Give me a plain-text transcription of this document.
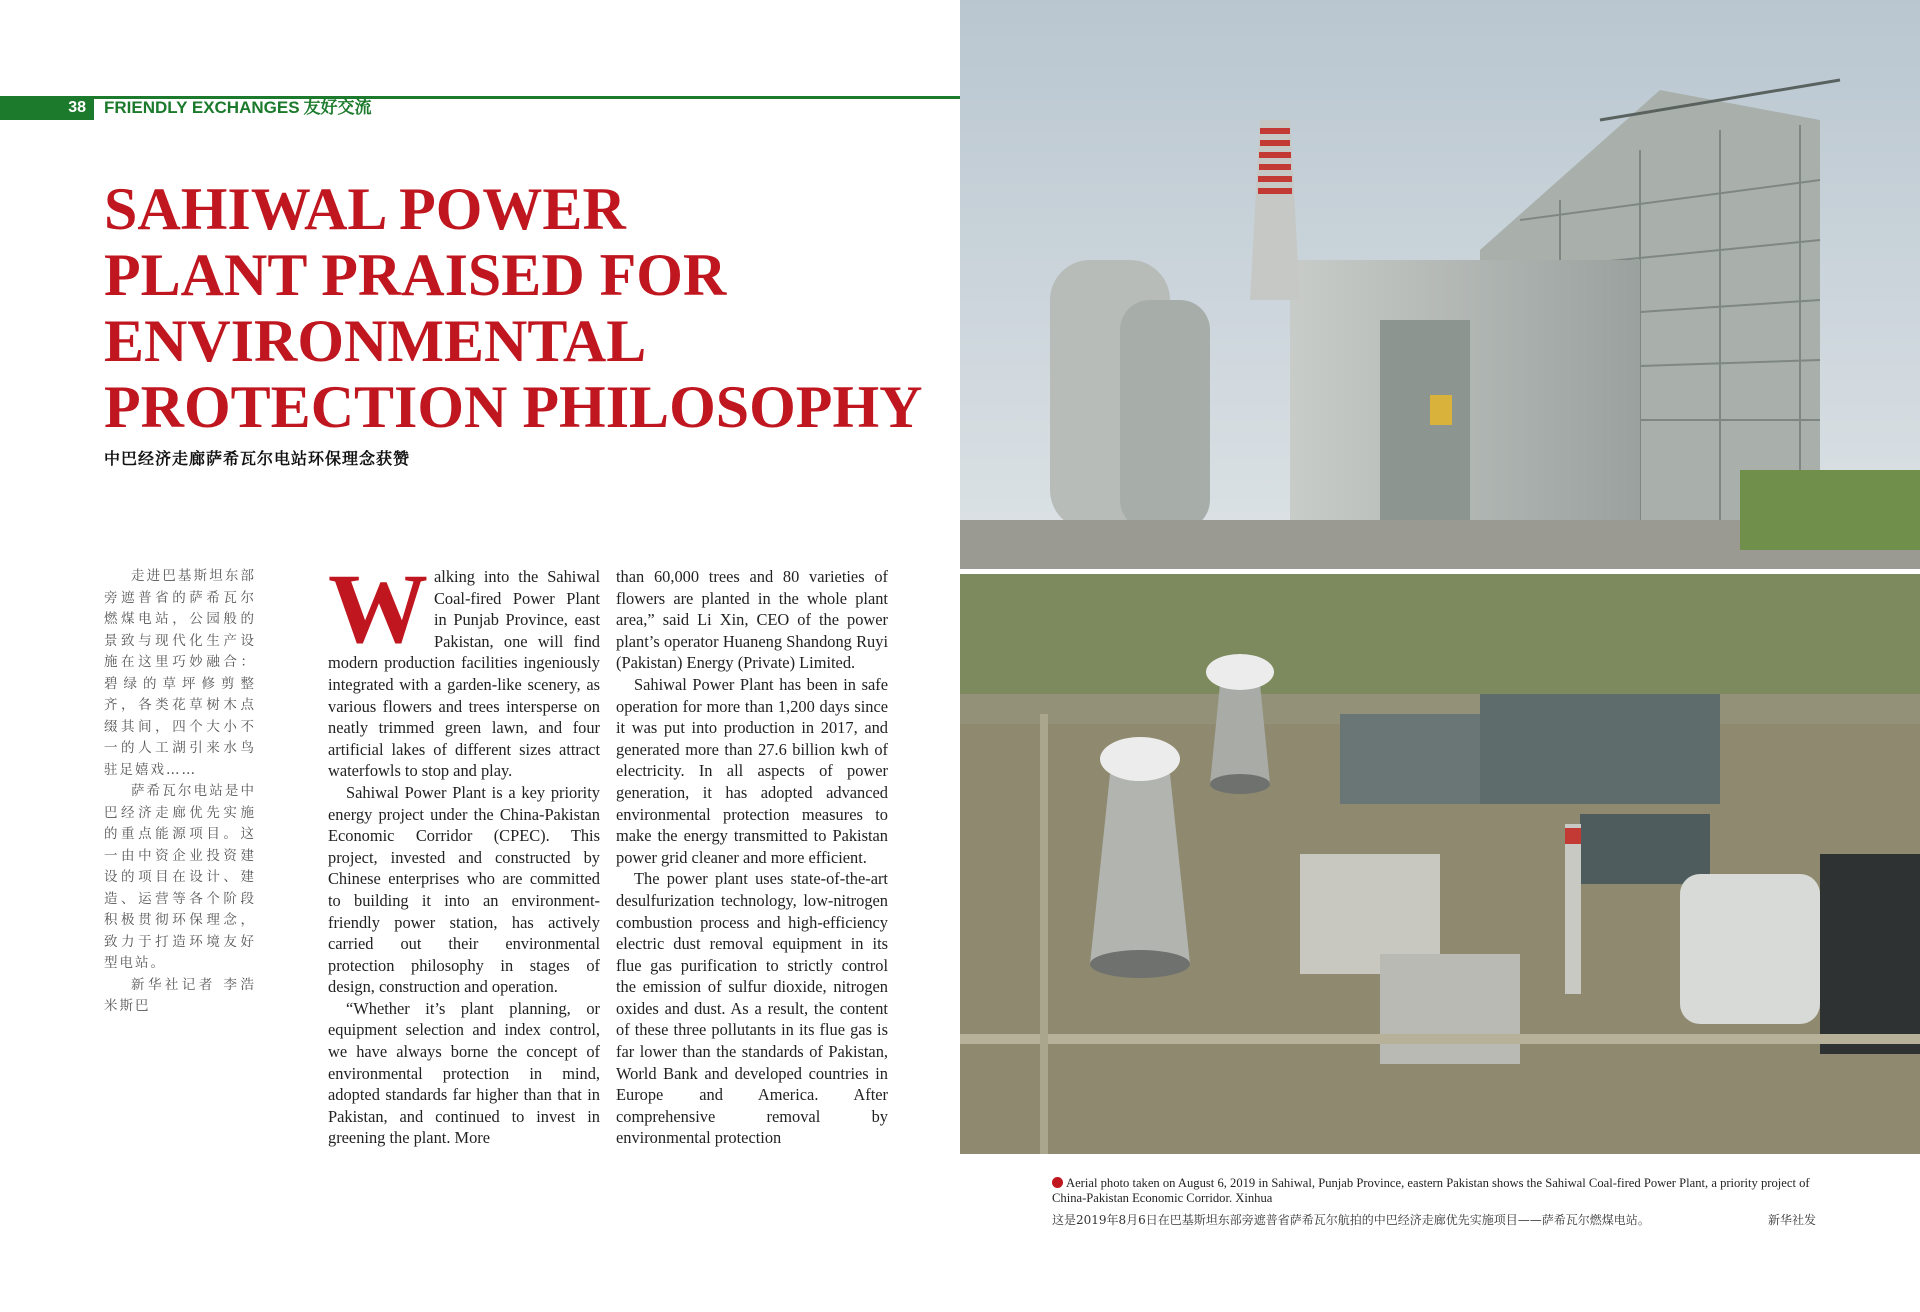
38	FRIENDLY EXCHANGES 友好交流
SAHIWAL POWER
PLANT PRAISED FOR
ENVIRONMENTAL
PROTECTION PHILOSOPHY
中巴经济走廊萨希瓦尔电站环保理念获赞

走进巴基斯坦东部旁遮普省的萨希瓦尔燃煤电站，公园般的景致与现代化生产设施在这里巧妙融合：碧绿的草坪修剪整齐，各类花草树木点缀其间，四个大小不一的人工湖引来水鸟驻足嬉戏……

萨希瓦尔电站是中巴经济走廊优先实施的重点能源项目。这一由中资企业投资建设的项目在设计、建造、运营等各个阶段积极贯彻环保理念，致力于打造环境友好型电站。

新华社记者 李浩 米斯巴

Walking into the Sahiwal Coal-fired Power Plant in Punjab Province, east Pakistan, one will find modern production facilities ingeniously integrated with a garden-like scenery, as various flowers and trees intersperse on neatly trimmed green lawn, and four artificial lakes of different sizes attract waterfowls to stop and play.

Sahiwal Power Plant is a key priority energy project under the China-Pakistan Economic Corridor (CPEC). This project, invested and constructed by Chinese enterprises who are committed to building it into an environment-friendly power station, has actively carried out their environmental protection philosophy in stages of design, construction and operation.

“Whether it’s plant planning, or equipment selection and index control, we have always borne the concept of environmental protection in mind, adopted standards far higher than that in Pakistan, and continued to invest in greening the plant. More

than 60,000 trees and 80 varieties of flowers are planted in the whole plant area,” said Li Xin, CEO of the power plant’s operator Huaneng Shandong Ruyi (Pakistan) Energy (Private) Limited.

Sahiwal Power Plant has been in safe operation for more than 1,200 days since it was put into production in 2017, and generated more than 27.6 billion kwh of electricity. In all aspects of power generation, it has adopted advanced environmental protection measures to make the energy transmitted to Pakistan power grid cleaner and more efficient.

The power plant uses state-of-the-art desulfurization technology, low-nitrogen combustion process and high-efficiency electric dust removal equipment in its flue gas purification to strictly control the emission of sulfur dioxide, nitrogen oxides and dust. As a result, the content of these three pollutants in its flue gas is far lower than the standards of Pakistan, World Bank and developed countries in Europe and America. After comprehensive removal by environmental protection

Aerial photo taken on August 6, 2019 in Sahiwal, Punjab Province, eastern Pakistan shows the Sahiwal Coal-fired Power Plant, a priority project of China-Pakistan Economic Corridor. Xinhua
这是2019年8月6日在巴基斯坦东部旁遮普省萨希瓦尔航拍的中巴经济走廊优先实施项目——萨希瓦尔燃煤电站。	新华社发
